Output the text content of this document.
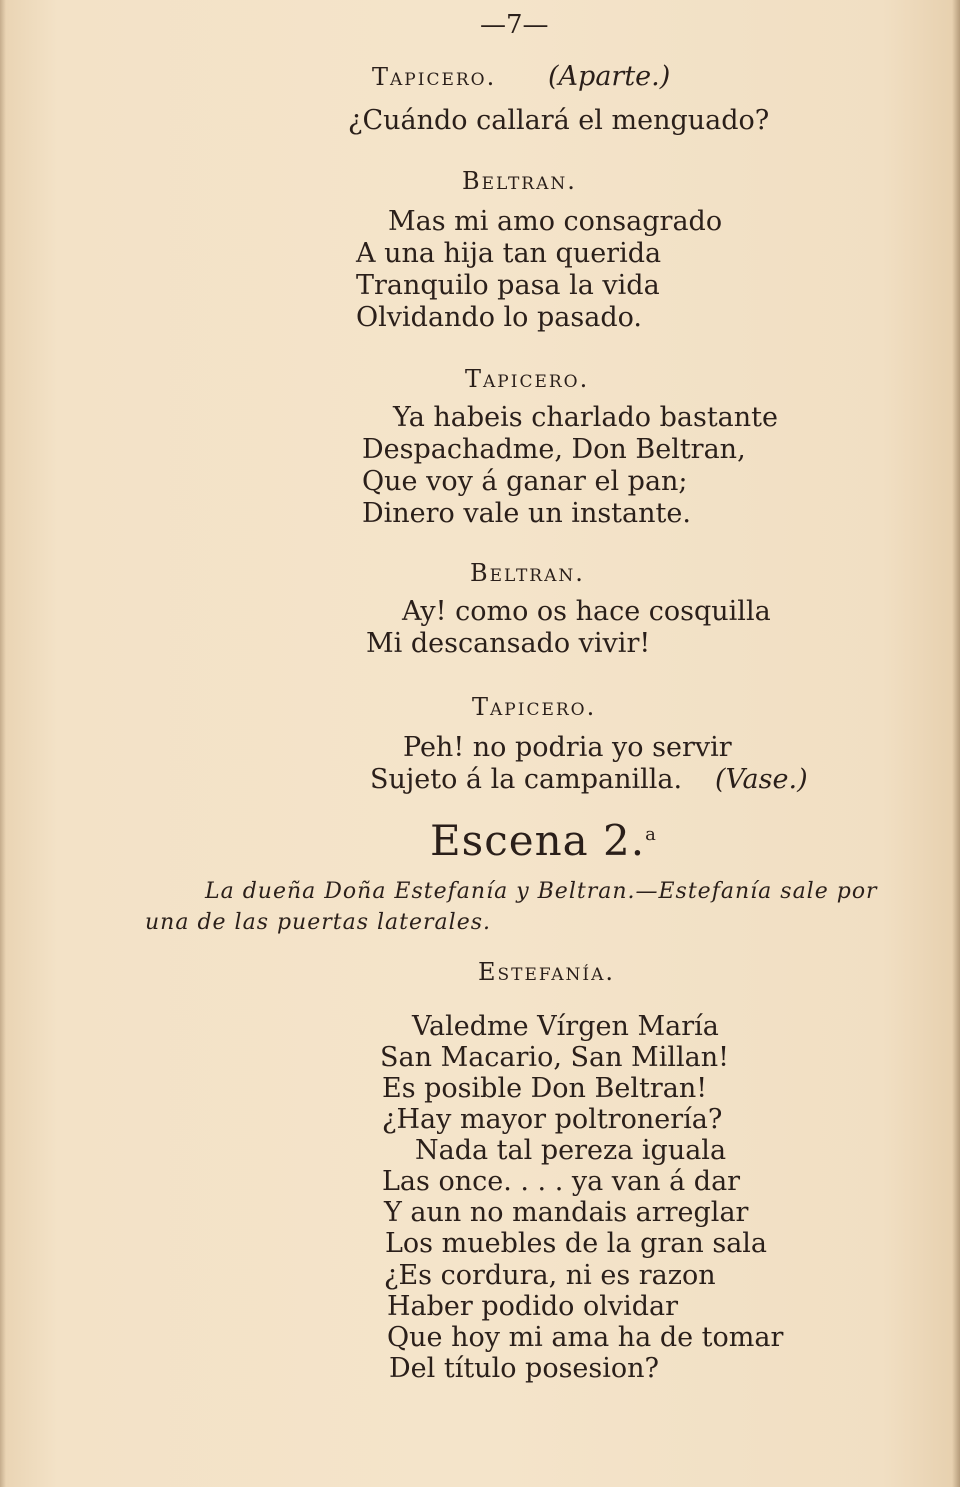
—7—
Tapicero. (Aparte.)
¿Cuándo callará el menguado?
Beltran.
Mas mi amo consagrado
A una hija tan querida
Tranquilo pasa la vida
Olvidando lo pasado.
Tapicero.
Ya habeis charlado bastante
Despachadme, Don Beltran,
Que voy á ganar el pan;
Dinero vale un instante.
Beltran.
Ay! como os hace cosquilla
Mi descansado vivir!
Tapicero.
Peh! no podria yo servir
Sujeto á la campanilla. (Vase.)
Escena 2.$^a$
La dueña Doña Estefanía y Beltran.—Estefanía sale por
una de las puertas laterales.
Estefanía.
Valedme Vírgen María
San Macario, San Millan!
Es posible Don Beltran!
¿Hay mayor poltronería?
Nada tal pereza iguala
Las once. . . . ya van á dar
Y aun no mandais arreglar
Los muebles de la gran sala
¿Es cordura, ni es razon
Haber podido olvidar
Que hoy mi ama ha de tomar
Del título posesion?
